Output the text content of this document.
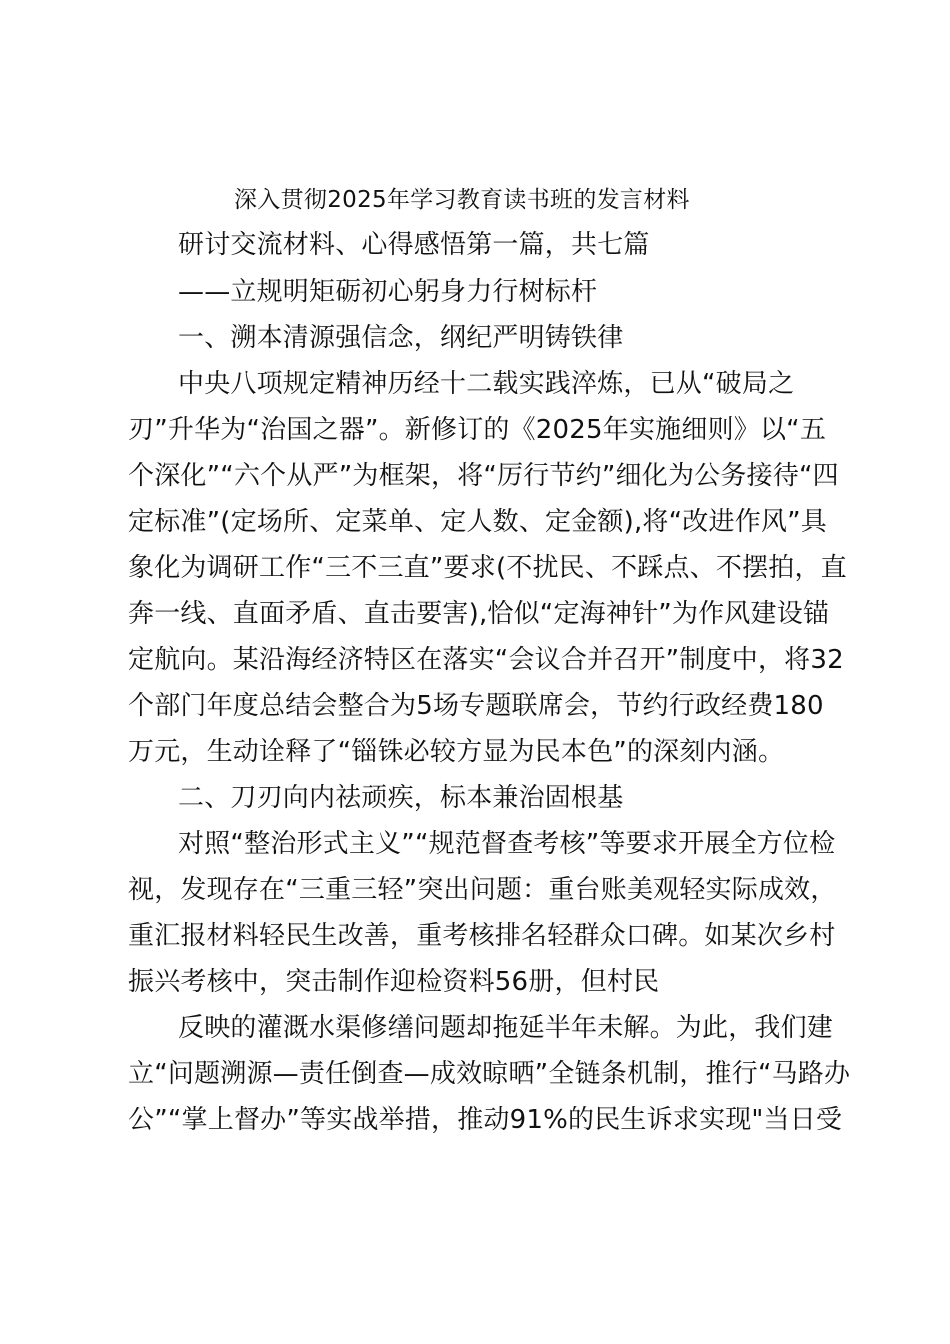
深入贯彻2025年学习教育读书班的发言材料
研讨交流材料、心得感悟第一篇，共七篇
——立规明矩砺初心躬身力行树标杆
一、溯本清源强信念，纲纪严明铸铁律
中央八项规定精神历经十二载实践淬炼，已从“破局之
刃”升华为“治国之器”。新修订的《2025年实施细则》以“五
个深化”“六个从严”为框架，将“厉行节约”细化为公务接待“四
定标准”(定场所、定菜单、定人数、定金额),将“改进作风”具
象化为调研工作“三不三直”要求(不扰民、不踩点、不摆拍，直
奔一线、直面矛盾、直击要害),恰似“定海神针”为作风建设锚
定航向。某沿海经济特区在落实“会议合并召开”制度中，将32
个部门年度总结会整合为5场专题联席会，节约行政经费180
万元，生动诠释了“锱铢必较方显为民本色”的深刻内涵。
二、刀刃向内祛顽疾，标本兼治固根基
对照“整治形式主义”“规范督查考核”等要求开展全方位检
视，发现存在“三重三轻”突出问题：重台账美观轻实际成效，
重汇报材料轻民生改善，重考核排名轻群众口碑。如某次乡村
振兴考核中，突击制作迎检资料56册，但村民
反映的灌溉水渠修缮问题却拖延半年未解。为此，我们建
立“问题溯源—责任倒查—成效晾晒”全链条机制，推行“马路办
公”“掌上督办”等实战举措，推动91%的民生诉求实现"当日受
